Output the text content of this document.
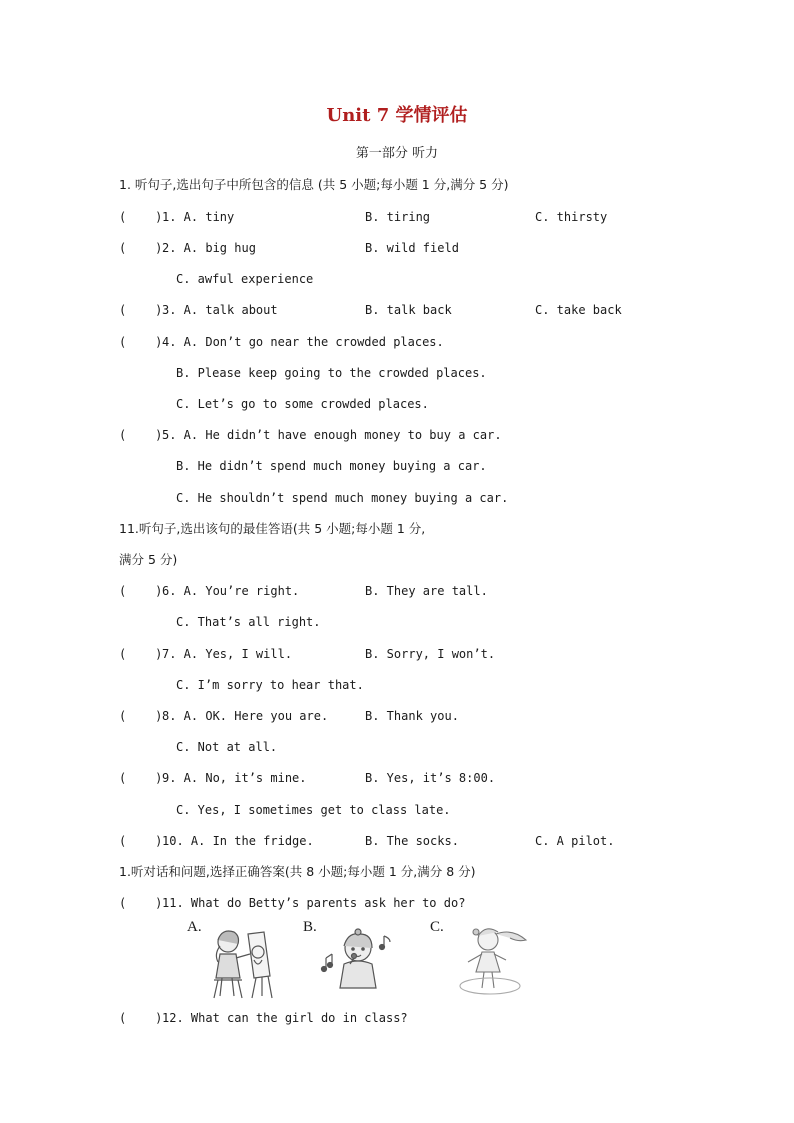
Unit 7 学情评估
第一部分 听力
1. 听句子,选出句子中所包含的信息 (共 5 小题;每小题 1 分,满分 5 分)
(    ) 1. A. tiny	B. tiring	C. thirsty
(    ) 2. A. big hug	B. wild field
C. awful experience
(    ) 3. A. talk about	B. talk back	C. take back
(    ) 4. A. Don’t go near the crowded places.
B. Please keep going to the crowded places.
C. Let’s go to some crowded places.
(    ) 5. A. He didn’t have enough money to buy a car.
B. He didn’t spend much money buying a car.
C. He shouldn’t spend much money buying a car.
11.听句子,选出该句的最佳答语(共 5 小题;每小题 1 分,
满分 5 分)
(    ) 6. A. You’re right.	B. They are tall.
C. That’s all right.
(    ) 7. A. Yes, I will.	B. Sorry, I won’t.
C. I’m sorry to hear that.
(    ) 8. A. OK. Here you are.	B. Thank you.
C. Not at all.
(    ) 9. A. No, it’s mine.	B. Yes, it’s 8:00.
C. Yes, I sometimes get to class late.
(    ) 10. A. In the fridge.	B. The socks.	C. A pilot.
1.听对话和问题,选择正确答案(共 8 小题;每小题 1 分,满分 8 分)
(    ) 11. What do Betty’s parents ask her to do?
A.	B.	C.
(    ) 12. What can the girl do in class?
